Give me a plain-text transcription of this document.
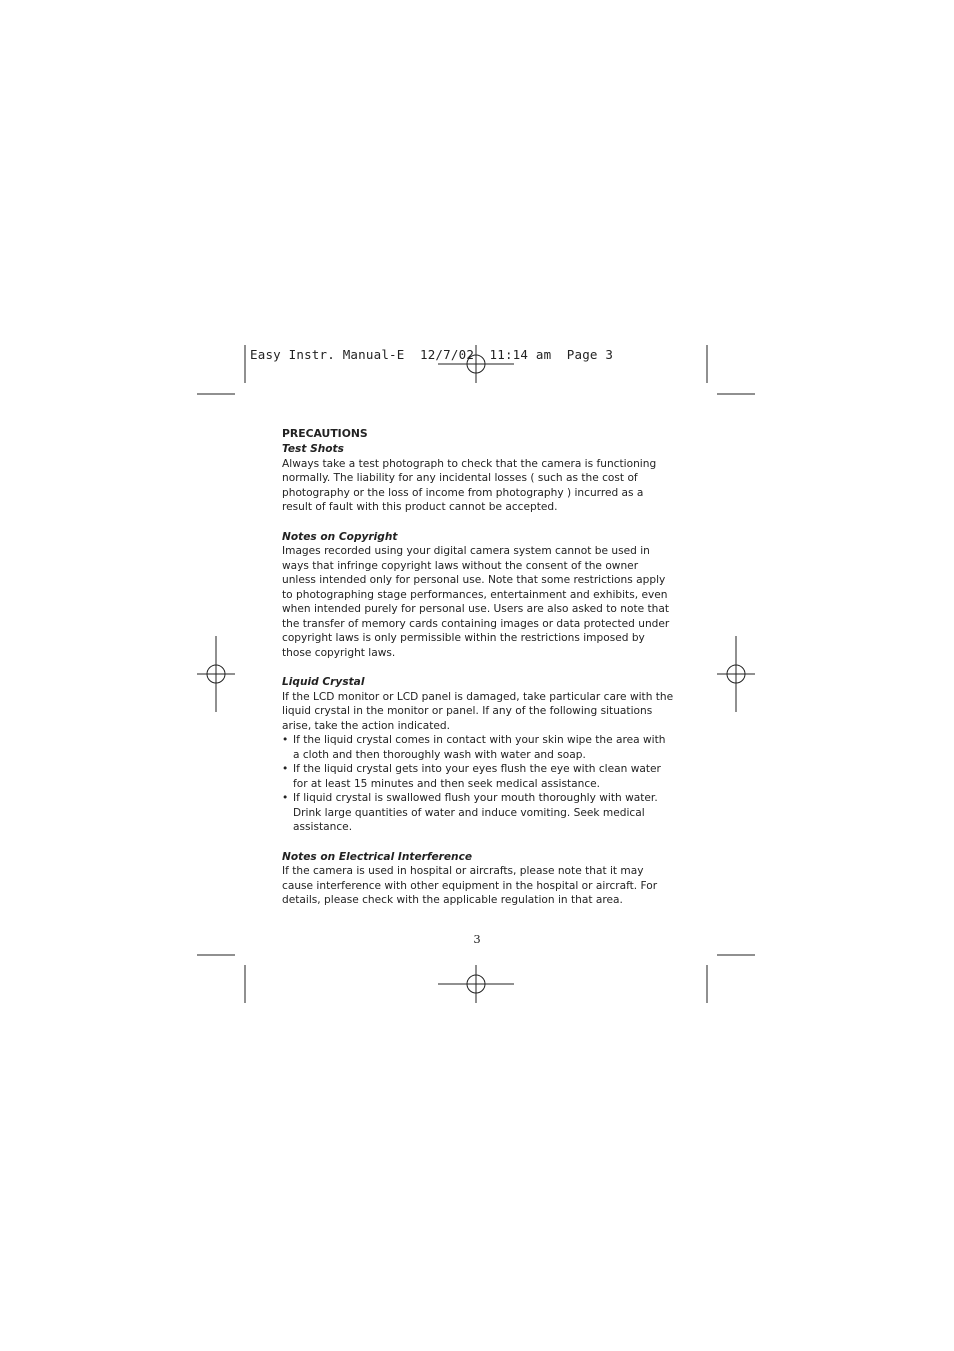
Easy Instr. Manual-E  12/7/02  11:14 am  Page 3
PRECAUTIONS
Test Shots

Always take a test photograph to check that the camera is functioning normally. The liability for any incidental losses ( such as the cost of photography or the loss of income from photography ) incurred as a result of fault with this product cannot be accepted.

Notes on Copyright

Images recorded using your digital camera system cannot be used in ways that infringe copyright laws without the consent of the owner unless intended only for personal use. Note that some restrictions apply to photographing stage performances, entertainment and exhibits, even when intended purely for personal use. Users are also asked to note that the transfer of memory cards containing images or data protected under copyright laws is only permissible within the restrictions imposed by those copyright laws.

Liquid Crystal

If the LCD monitor or LCD panel is damaged, take particular care with the liquid crystal in the monitor or panel. If any of the following situations arise, take the action indicated.

• If the liquid crystal comes in contact with your skin wipe the area with a cloth and then thoroughly wash with water and soap.
• If the liquid crystal gets into your eyes flush the eye with clean water for at least 15 minutes and then seek medical assistance.
• If liquid crystal is swallowed flush your mouth thoroughly with water. Drink large quantities of water and induce vomiting. Seek medical assistance.
Notes on Electrical Interference

If the camera is used in hospital or aircrafts, please note that it may cause interference with other equipment in the hospital or aircraft. For details, please check with the applicable regulation in that area.

3
